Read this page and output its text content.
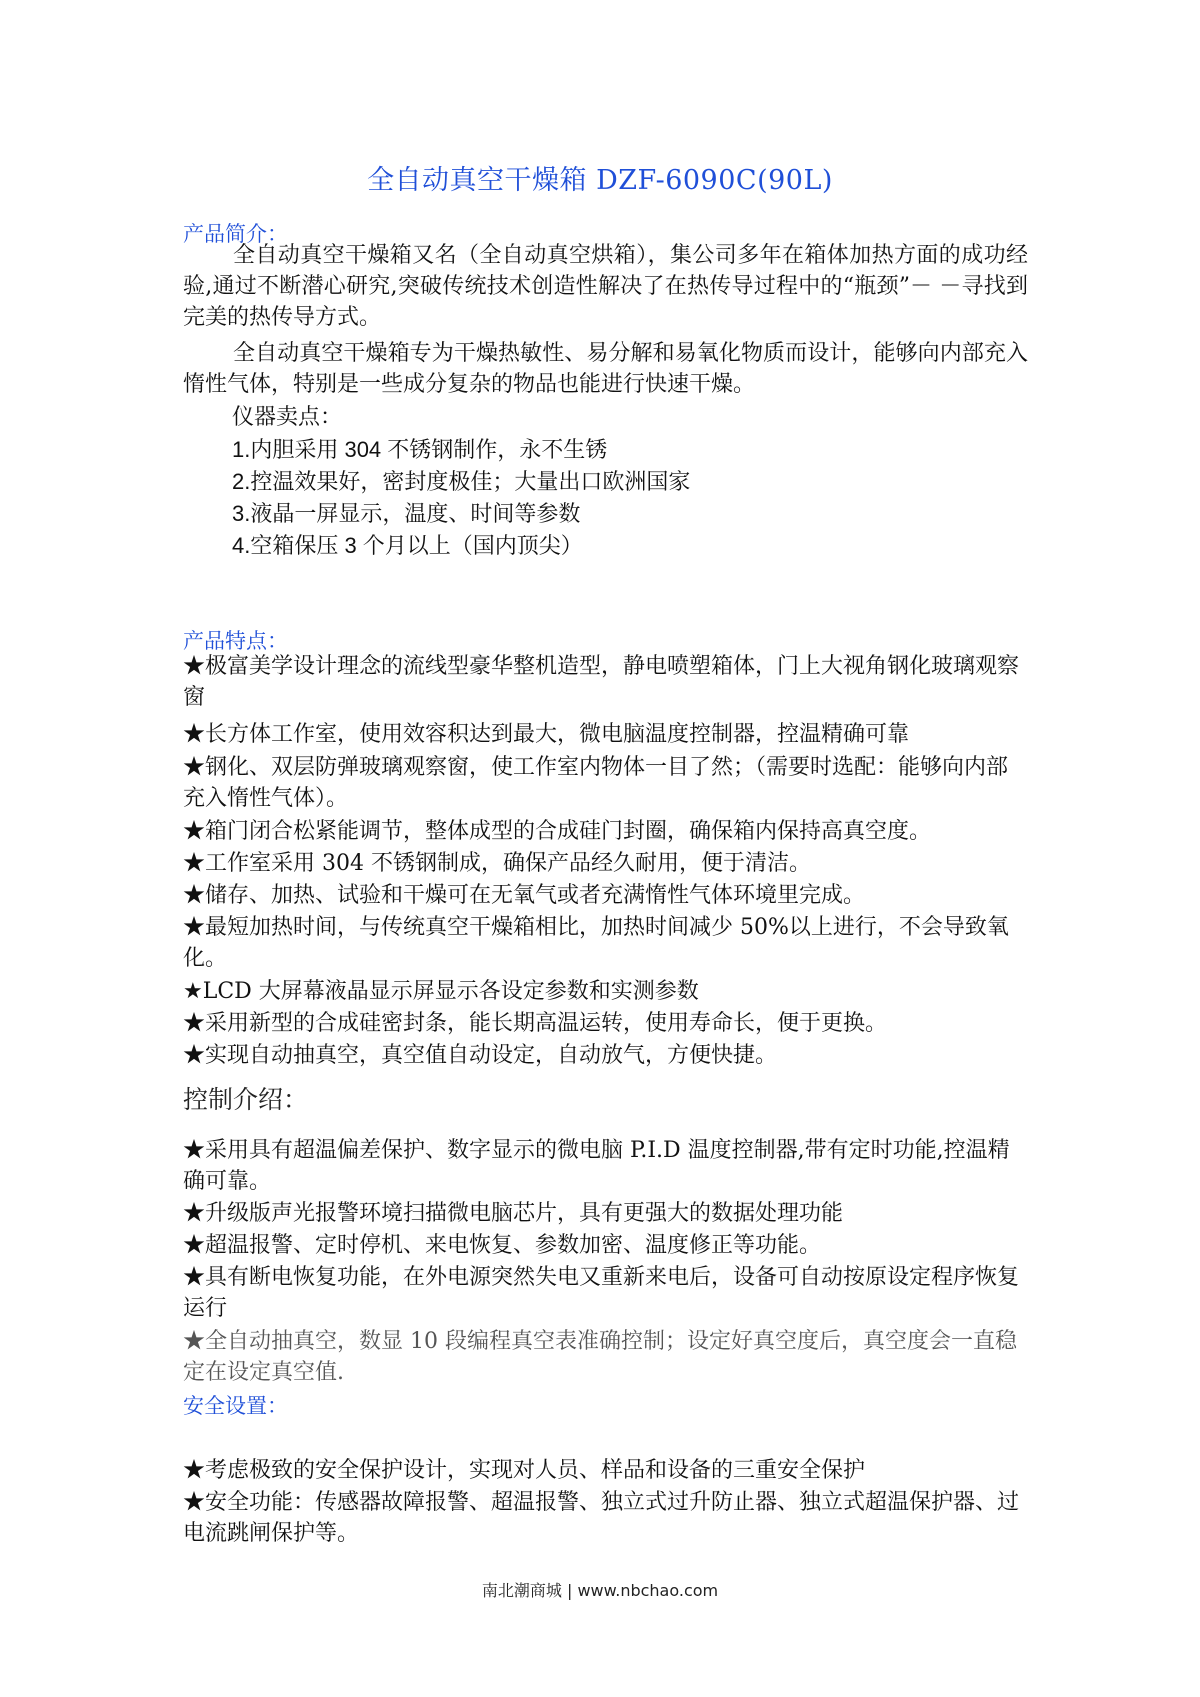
全自动真空干燥箱 DZF-6090C(90L)
产品简介：
全自动真空干燥箱又名（全自动真空烘箱），集公司多年在箱体加热方面的成功经验,通过不断潜心研究,突破传统技术创造性解决了在热传导过程中的“瓶颈”－ －寻找到完美的热传导方式。
全自动真空干燥箱专为干燥热敏性、易分解和易氧化物质而设计，能够向内部充入惰性气体，特别是一些成分复杂的物品也能进行快速干燥。
仪器卖点：
1.内胆采用 304 不锈钢制作，永不生锈
2.控温效果好，密封度极佳；大量出口欧洲国家
3.液晶一屏显示，温度、时间等参数
4.空箱保压 3 个月以上（国内顶尖）
产品特点：
★极富美学设计理念的流线型豪华整机造型，静电喷塑箱体，门上大视角钢化玻璃观察窗
★长方体工作室，使用效容积达到最大，微电脑温度控制器，控温精确可靠
★钢化、双层防弹玻璃观察窗，使工作室内物体一目了然；（需要时选配：能够向内部充入惰性气体）。
★箱门闭合松紧能调节，整体成型的合成硅门封圈，确保箱内保持高真空度。
★工作室采用 304 不锈钢制成，确保产品经久耐用，便于清洁。
★储存、加热、试验和干燥可在无氧气或者充满惰性气体环境里完成。
★最短加热时间，与传统真空干燥箱相比，加热时间减少 50%以上进行，不会导致氧化。
★LCD 大屏幕液晶显示屏显示各设定参数和实测参数
★采用新型的合成硅密封条，能长期高温运转，使用寿命长，便于更换。
★实现自动抽真空，真空值自动设定，自动放气，方便快捷。
控制介绍：
★采用具有超温偏差保护、数字显示的微电脑 P.I.D 温度控制器,带有定时功能,控温精确可靠。
★升级版声光报警环境扫描微电脑芯片，具有更强大的数据处理功能
★超温报警、定时停机、来电恢复、参数加密、温度修正等功能。
★具有断电恢复功能，在外电源突然失电又重新来电后，设备可自动按原设定程序恢复运行
★全自动抽真空，数显 10 段编程真空表准确控制；设定好真空度后，真空度会一直稳定在设定真空值.
安全设置：
★考虑极致的安全保护设计，实现对人员、样品和设备的三重安全保护
★安全功能：传感器故障报警、超温报警、独立式过升防止器、独立式超温保护器、过电流跳闸保护等。
南北潮商城 | www.nbchao.com
